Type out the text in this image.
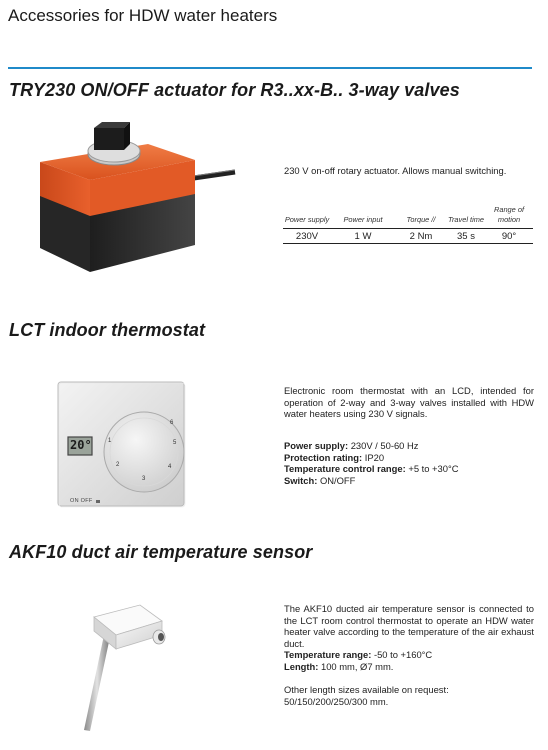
Accessories for HDW water heaters
TRY230 ON/OFF actuator for R3..xx-B.. 3-way valves
230 V on-off rotary actuator. Allows manual switching.
Power supply	Power input	Torque //	Travel time	Range of motion
230V	1 W	2 Nm	35 s	90°
LCT indoor thermostat
20°
ON OFF
1
2
3
4
5
6
Electronic room thermostat with an LCD, intended for operation of 2-way and 3-way valves installed with HDW water heaters using 230 V signals.
Power supply: 230V / 50-60 Hz
Protection rating: IP20
Temperature control range: +5 to +30°C
Switch: ON/OFF
AKF10 duct air temperature sensor
The AKF10 ducted air temperature sensor is connected to the LCT room control thermostat to operate an HDW water heater valve according to the temperature of the air exhaust duct.
Temperature range: -50 to +160°C
Length: 100 mm, Ø7 mm.
Other length sizes available on request: 50/150/200/250/300 mm.
